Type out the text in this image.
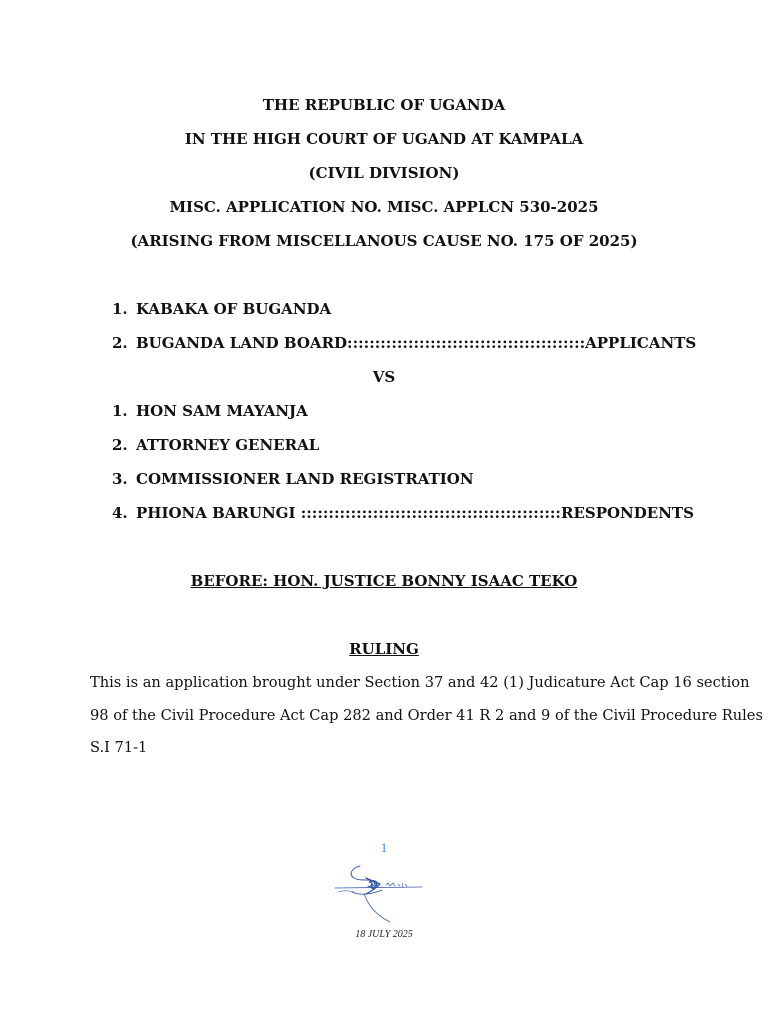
THE REPUBLIC OF UGANDA
IN THE HIGH COURT OF UGAND AT KAMPALA
(CIVIL DIVISION)
MISC. APPLICATION NO. MISC. APPLCN 530-2025
(ARISING FROM MISCELLANOUS CAUSE NO. 175 OF 2025)
1. KABAKA OF BUGANDA
2. BUGANDA LAND BOARD:::::::::::::::::::::::::::::::::::::::::::APPLICANTS
VS
1. HON SAM MAYANJA
2. ATTORNEY GENERAL
3. COMMISSIONER LAND REGISTRATION
4. PHIONA BARUNGI :::::::::::::::::::::::::::::::::::::::::::::::RESPONDENTS
BEFORE: HON. JUSTICE BONNY ISAAC TEKO
RULING
This is an application brought under Section 37 and 42 (1) Judicature Act Cap 16 section
98 of the Civil Procedure Act Cap 282 and Order 41 R 2 and 9 of the Civil Procedure Rules
S.I 71-1
1
18 JULY 2025
